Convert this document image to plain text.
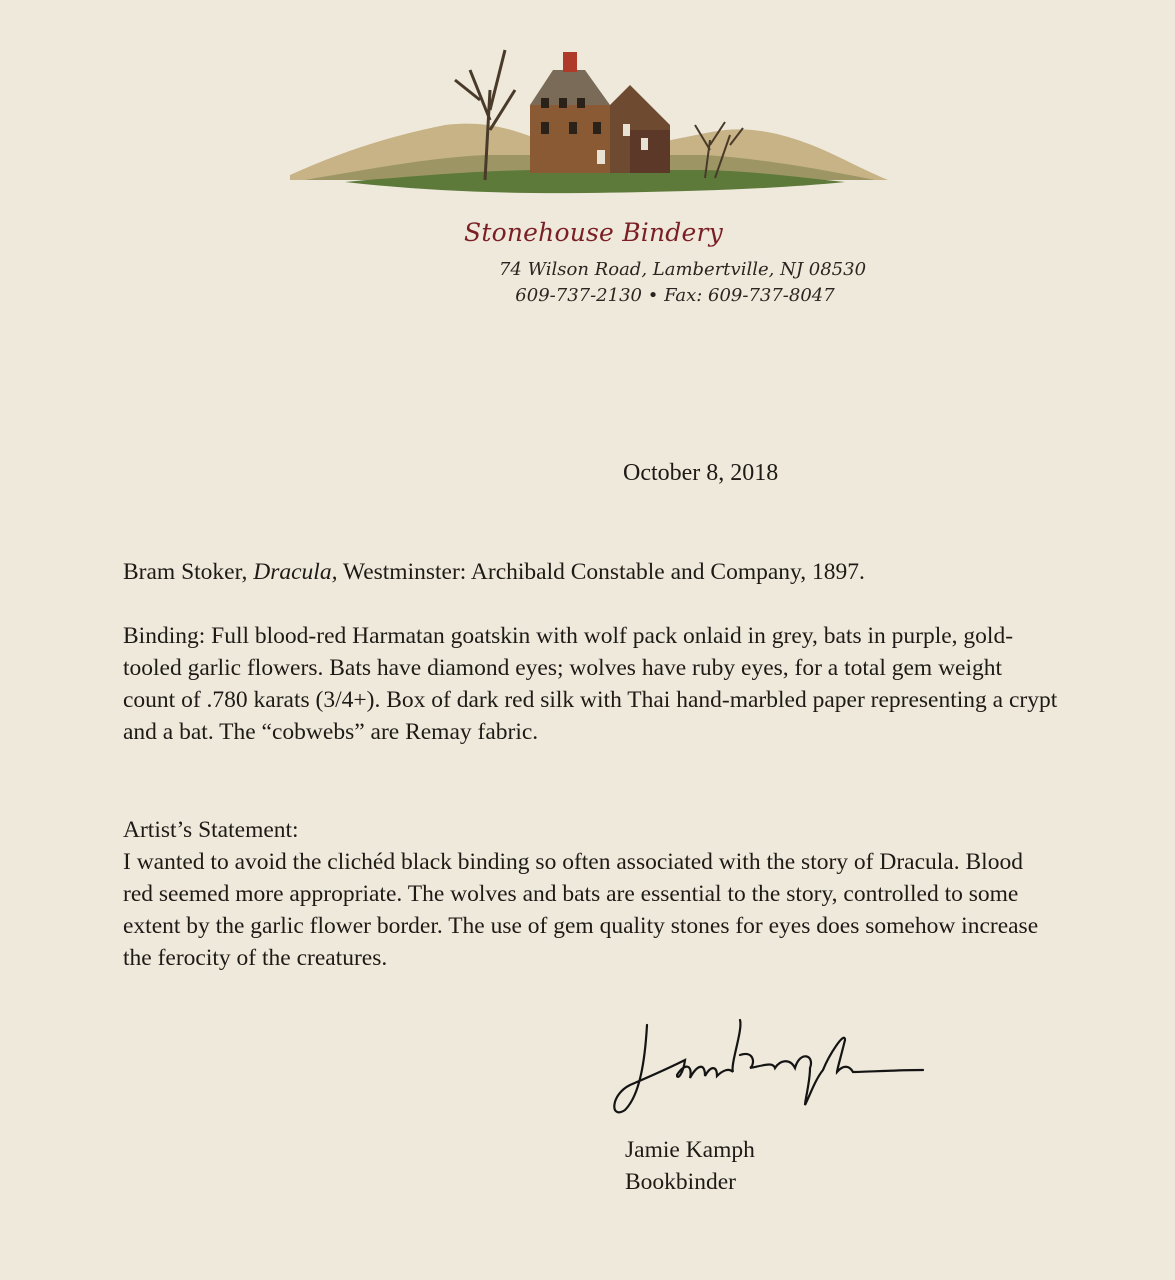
Stonehouse Bindery
74 Wilson Road, Lambertville, NJ 08530
609-737-2130 • Fax: 609-737-8047
October 8, 2018
Bram Stoker, Dracula, Westminster: Archibald Constable and Company, 1897.
Binding: Full blood-red Harmatan goatskin with wolf pack onlaid in grey, bats in purple, gold-tooled garlic flowers. Bats have diamond eyes; wolves have ruby eyes, for a total gem weight count of .780 karats (3/4+). Box of dark red silk with Thai hand-marbled paper representing a crypt and a bat. The “cobwebs” are Remay fabric.
Artist’s Statement:
I wanted to avoid the clichéd black binding so often associated with the story of Dracula. Blood red seemed more appropriate. The wolves and bats are essential to the story, controlled to some extent by the garlic flower border. The use of gem quality stones for eyes does somehow increase the ferocity of the creatures.
Jamie Kamph
Bookbinder
